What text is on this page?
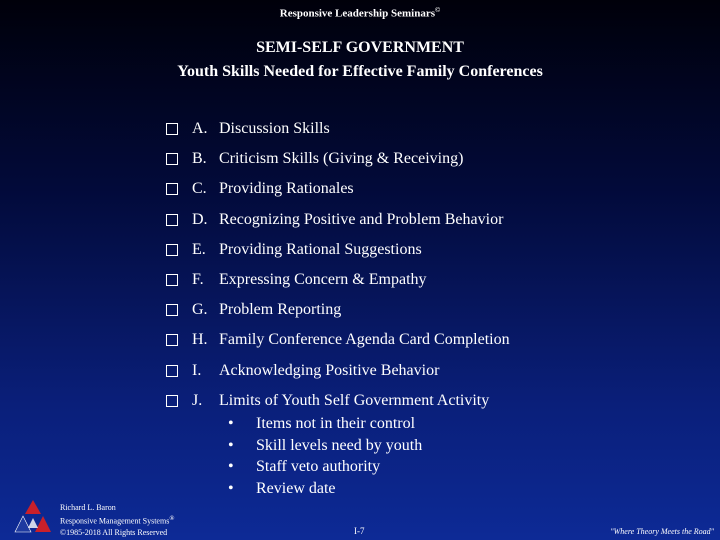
Responsive Leadership Seminars©
SEMI-SELF GOVERNMENT
Youth Skills Needed for Effective Family Conferences
A. Discussion Skills
B. Criticism Skills (Giving & Receiving)
C. Providing Rationales
D. Recognizing Positive and Problem Behavior
E. Providing Rational Suggestions
F. Expressing Concern & Empathy
G. Problem Reporting
H. Family Conference Agenda Card Completion
I.	Acknowledging Positive Behavior
J.	Limits of Youth Self Government Activity
•	Items not in their control
•	Skill levels need by youth
•	Staff veto authority
•	Review date
Richard L. Baron
Responsive Management Systems®
©1985-2018 All Rights Reserved	I-7	"Where Theory Meets the Road"
